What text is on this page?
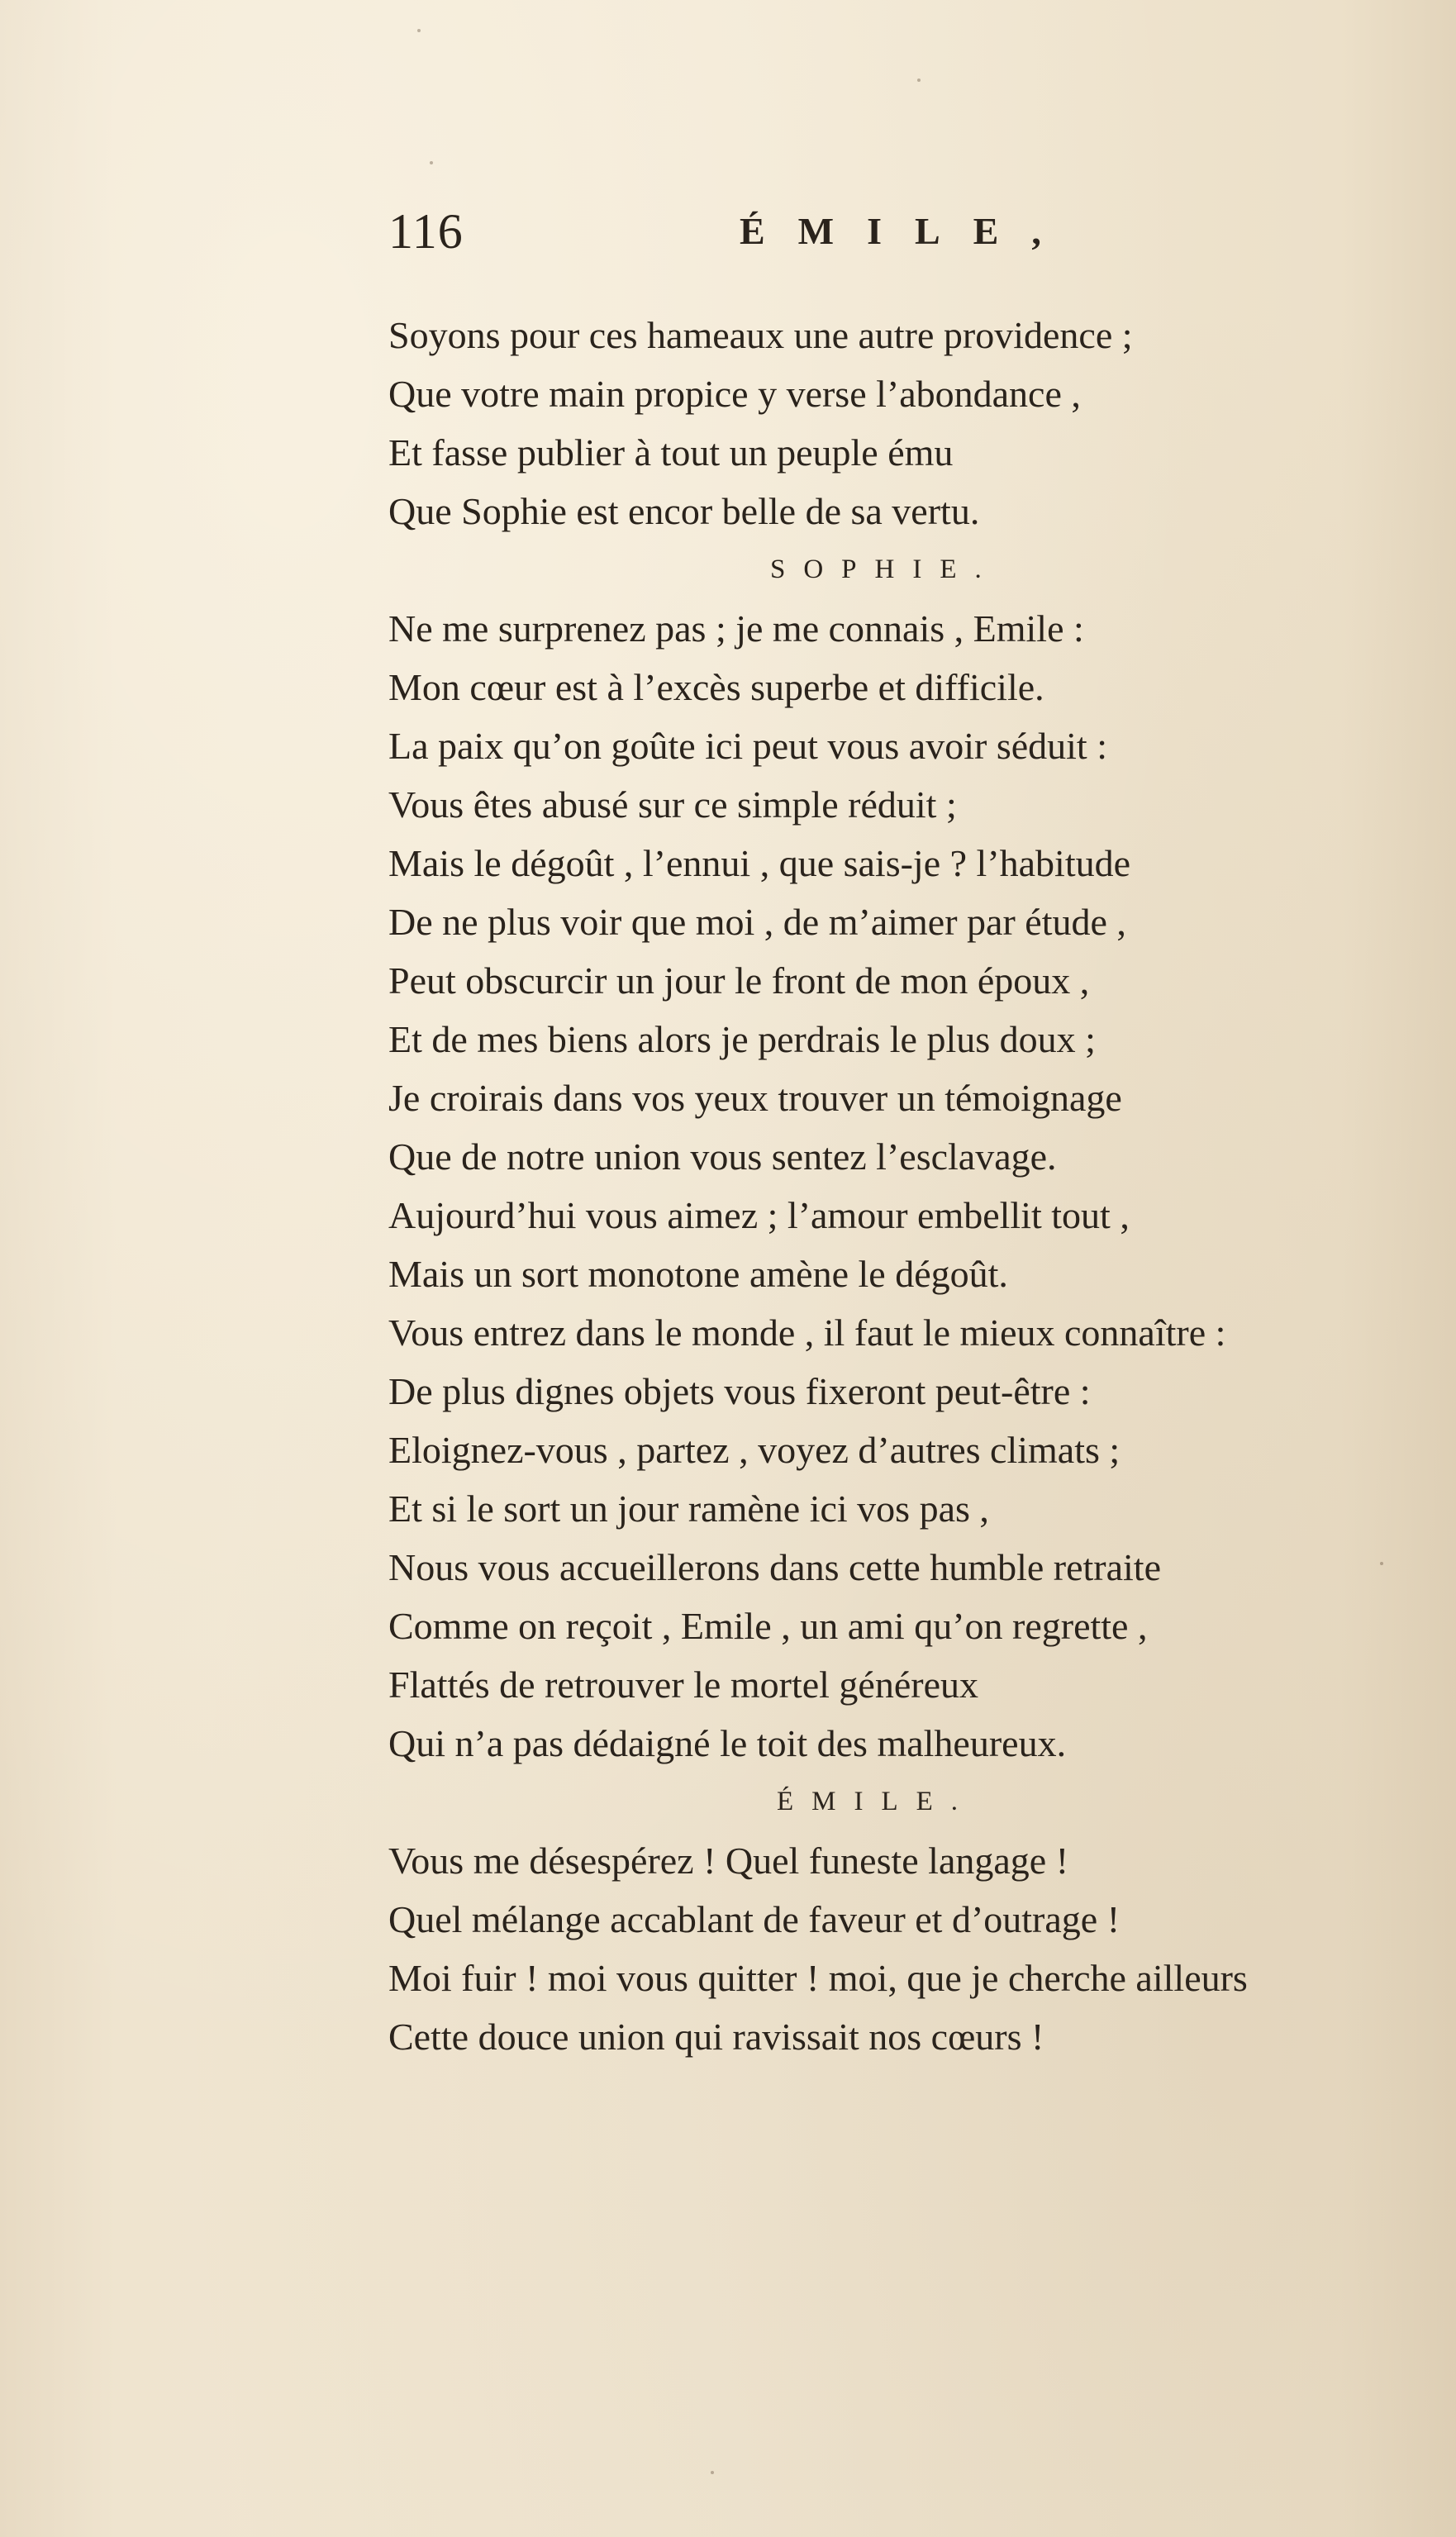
116	ÉMILE,
Soyons pour ces hameaux une autre providence ;
Que votre main propice y verse l’abondance ,
Et fasse publier à tout un peuple ému
Que Sophie est encor belle de sa vertu.
SOPHIE.
Ne me surprenez pas ; je me connais , Emile :
Mon cœur est à l’excès superbe et difficile.
La paix qu’on goûte ici peut vous avoir séduit :
Vous êtes abusé sur ce simple réduit ;
Mais le dégoût , l’ennui , que sais-je ? l’habitude
De ne plus voir que moi , de m’aimer par étude ,
Peut obscurcir un jour le front de mon époux ,
Et de mes biens alors je perdrais le plus doux ;
Je croirais dans vos yeux trouver un témoignage
Que de notre union vous sentez l’esclavage.
Aujourd’hui vous aimez ; l’amour embellit tout ,
Mais un sort monotone amène le dégoût.
Vous entrez dans le monde , il faut le mieux connaître :
De plus dignes objets vous fixeront peut-être :
Eloignez-vous , partez , voyez d’autres climats ;
Et si le sort un jour ramène ici vos pas ,
Nous vous accueillerons dans cette humble retraite
Comme on reçoit , Emile , un ami qu’on regrette ,
Flattés de retrouver le mortel généreux
Qui n’a pas dédaigné le toit des malheureux.
ÉMILE.
Vous me désespérez ! Quel funeste langage !
Quel mélange accablant de faveur et d’outrage !
Moi fuir ! moi vous quitter ! moi, que je cherche ailleurs
Cette douce union qui ravissait nos cœurs !
